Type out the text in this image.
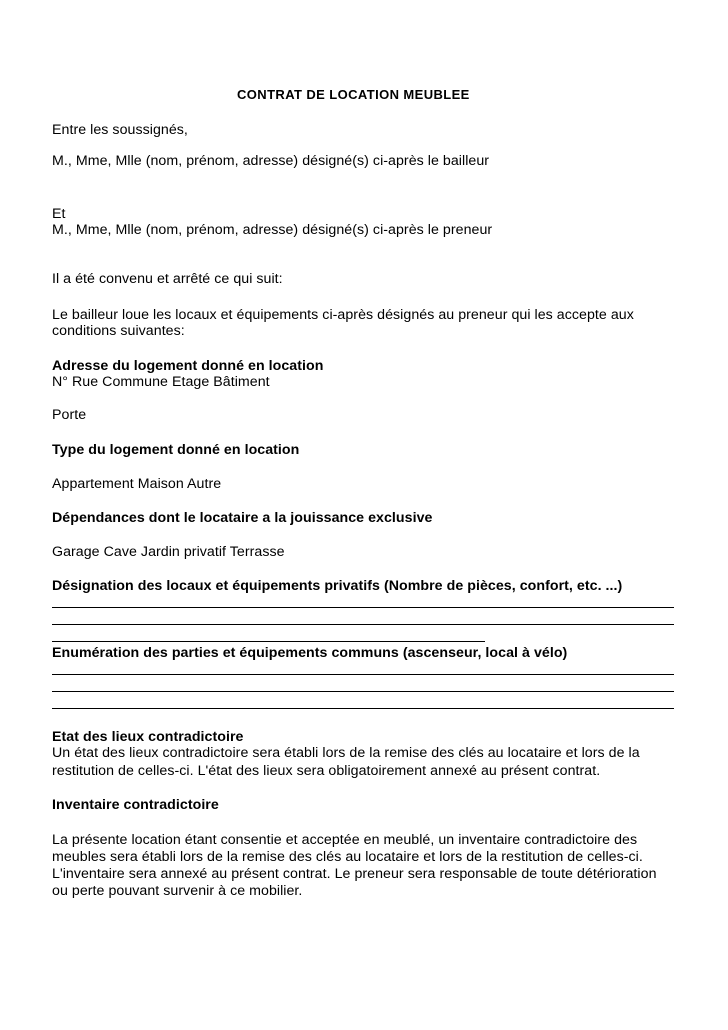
CONTRAT DE LOCATION MEUBLEE
Entre les soussignés,
M., Mme, Mlle (nom, prénom, adresse) désigné(s) ci-après le bailleur
Et
M., Mme, Mlle (nom, prénom, adresse) désigné(s) ci-après le preneur
Il a été convenu et arrêté ce qui suit:
Le bailleur loue les locaux et équipements ci-après désignés au preneur qui les accepte aux
conditions suivantes:
Adresse du logement donné en location
N° Rue Commune Etage Bâtiment
Porte
Type du logement donné en location
Appartement Maison Autre
Dépendances dont le locataire a la jouissance exclusive
Garage Cave Jardin privatif Terrasse
Désignation des locaux et équipements privatifs (Nombre de pièces, confort, etc. ...)
Enumération des parties et équipements communs (ascenseur, local à vélo)
Etat des lieux contradictoire
Un état des lieux contradictoire sera établi lors de la remise des clés au locataire et lors de la
restitution de celles-ci. L'état des lieux sera obligatoirement annexé au présent contrat.
Inventaire contradictoire
La présente location étant consentie et acceptée en meublé, un inventaire contradictoire des
meubles sera établi lors de la remise des clés au locataire et lors de la restitution de celles-ci.
L'inventaire sera annexé au présent contrat. Le preneur sera responsable de toute détérioration
ou perte pouvant survenir à ce mobilier.
